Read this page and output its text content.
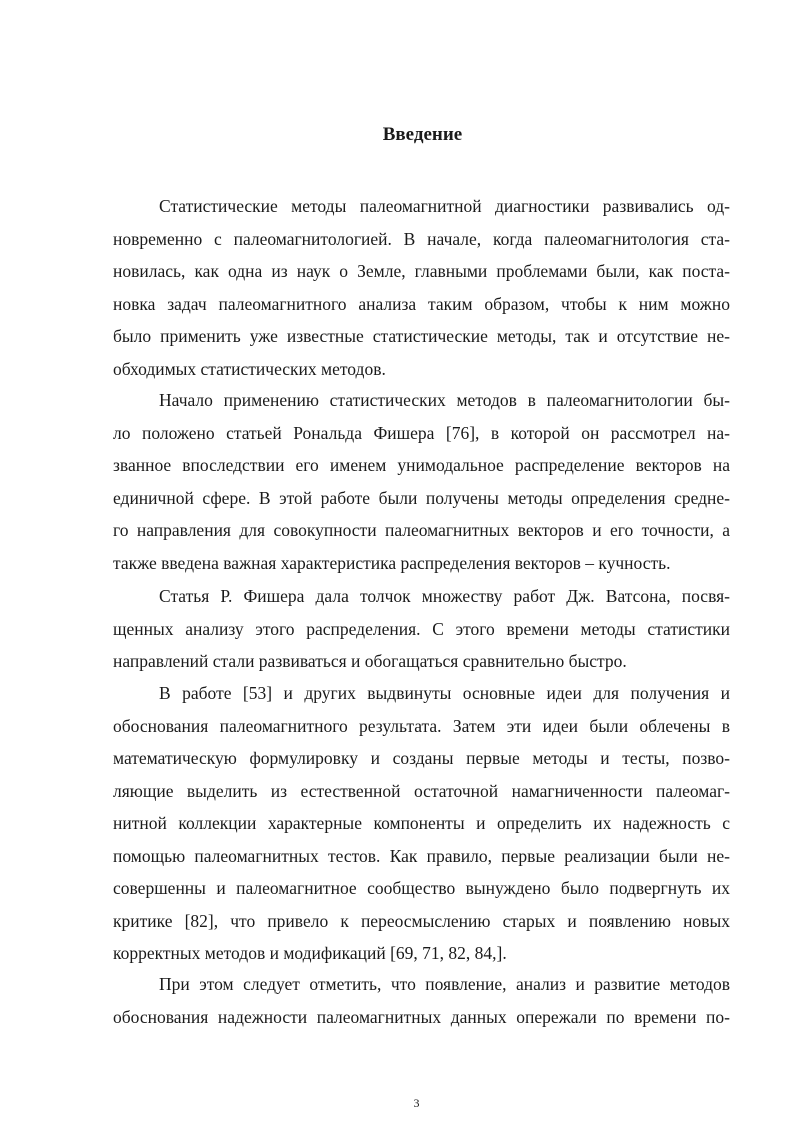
Введение
Статистические методы палеомагнитной диагностики развивались од-
новременно с палеомагнитологией. В начале, когда палеомагнитология ста-
новилась, как одна из наук о Земле, главными проблемами были, как поста-
новка задач палеомагнитного анализа таким образом, чтобы к ним можно
было применить уже известные статистические методы, так и отсутствие не-
обходимых статистических методов.
Начало применению статистических методов в палеомагнитологии бы-
ло положено статьей Рональда Фишера [76], в которой он рассмотрел на-
званное впоследствии его именем унимодальное распределение векторов на
единичной сфере. В этой работе были получены методы определения средне-
го направления для совокупности палеомагнитных векторов и его точности, а
также введена важная характеристика распределения векторов – кучность.
Статья Р. Фишера дала толчок множеству работ Дж. Ватсона, посвя-
щенных анализу этого распределения. С этого времени методы статистики
направлений стали развиваться и обогащаться сравнительно быстро.
В работе [53] и других выдвинуты основные идеи для получения и
обоснования палеомагнитного результата. Затем эти идеи были облечены в
математическую формулировку и созданы первые методы и тесты, позво-
ляющие выделить из естественной остаточной намагниченности палеомаг-
нитной коллекции характерные компоненты и определить их надежность с
помощью палеомагнитных тестов. Как правило, первые реализации были не-
совершенны и палеомагнитное сообщество вынуждено было подвергнуть их
критике [82], что привело к переосмыслению старых и появлению новых
корректных методов и модификаций [69, 71, 82, 84,].
При этом следует отметить, что появление, анализ и развитие методов
обоснования надежности палеомагнитных данных опережали по времени по-
3
